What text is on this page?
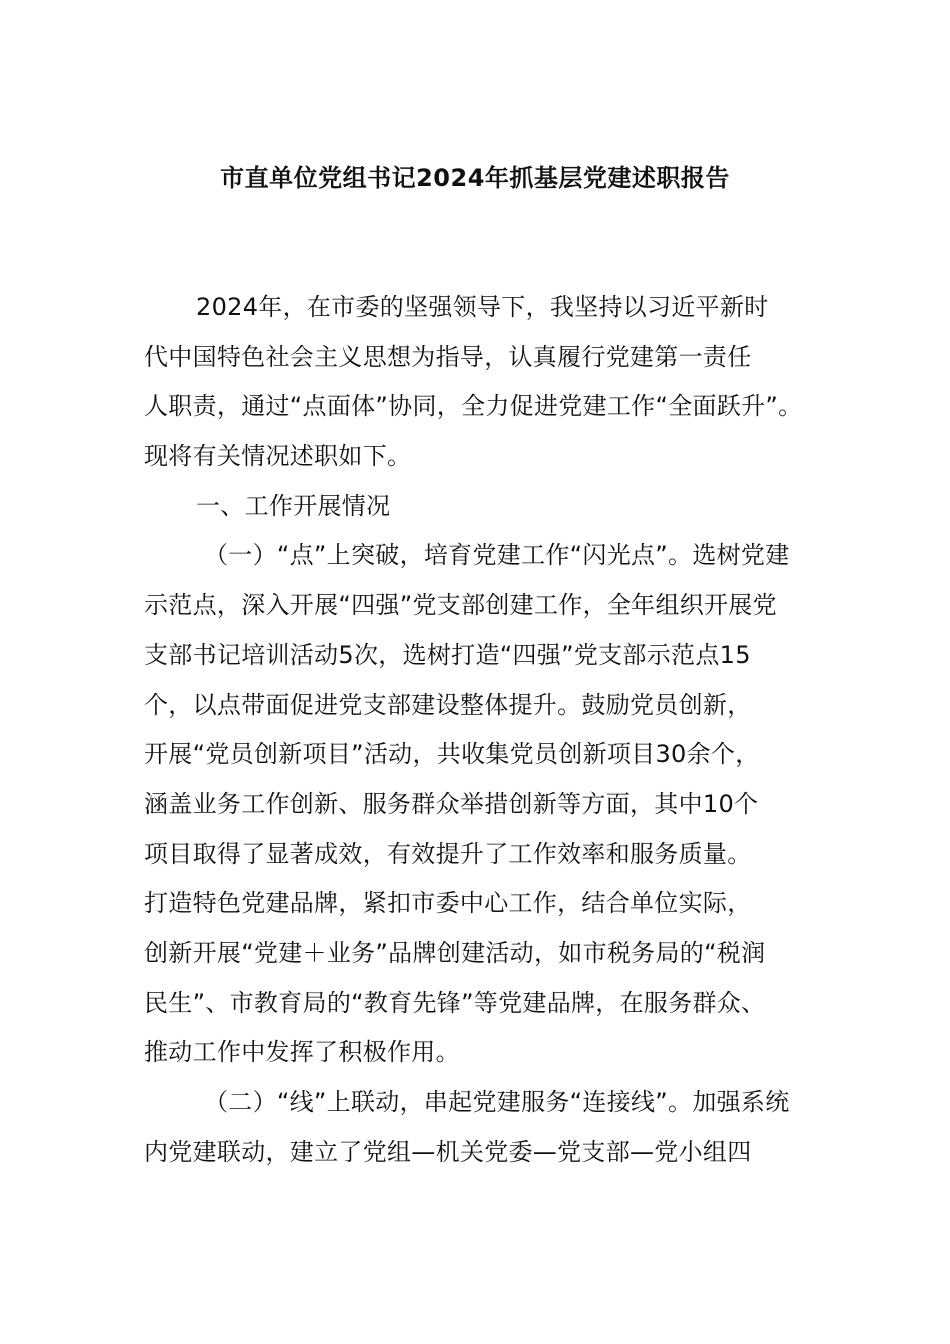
市直单位党组书记2024年抓基层党建述职报告
2024年，在市委的坚强领导下，我坚持以习近平新时
代中国特色社会主义思想为指导，认真履行党建第一责任
人职责，通过“点面体”协同，全力促进党建工作“全面跃升”。
现将有关情况述职如下。
一、工作开展情况
（一）“点”上突破，培育党建工作“闪光点”。选树党建
示范点，深入开展“四强”党支部创建工作，全年组织开展党
支部书记培训活动5次，选树打造“四强”党支部示范点15
个，以点带面促进党支部建设整体提升。鼓励党员创新，
开展“党员创新项目”活动，共收集党员创新项目30余个，
涵盖业务工作创新、服务群众举措创新等方面，其中10个
项目取得了显著成效，有效提升了工作效率和服务质量。
打造特色党建品牌，紧扣市委中心工作，结合单位实际，
创新开展“党建＋业务”品牌创建活动，如市税务局的“税润
民生”、市教育局的“教育先锋”等党建品牌，在服务群众、
推动工作中发挥了积极作用。
（二）“线”上联动，串起党建服务“连接线”。加强系统
内党建联动，建立了党组—机关党委—党支部—党小组四
